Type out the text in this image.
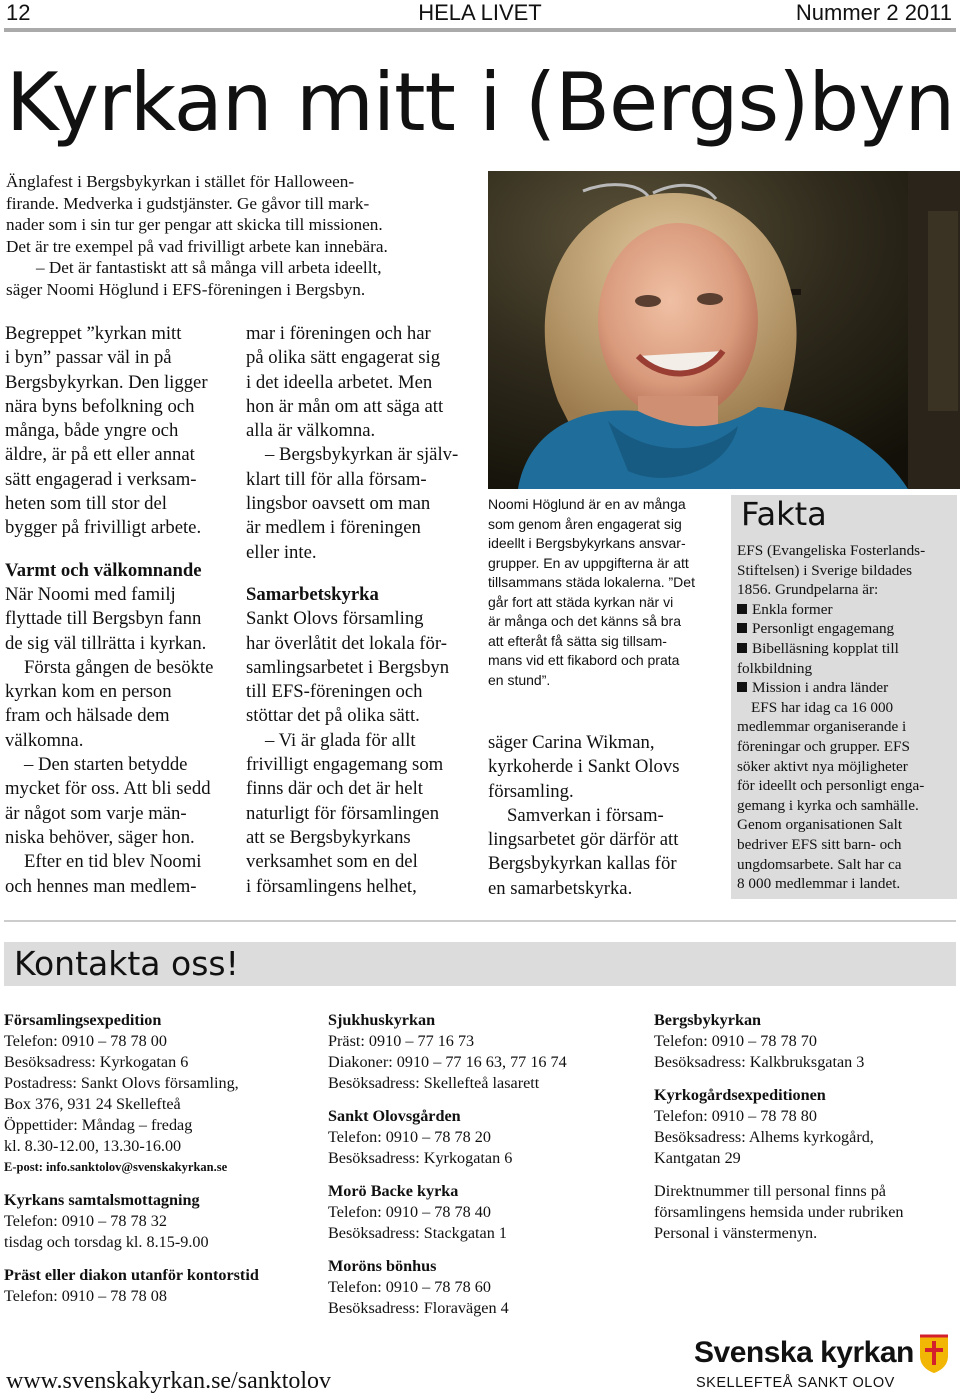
HELA LIVET
12	Nummer 2 2011
Kyrkan mitt i (Bergs)byn
Änglafest i Bergsbykyrkan i stället för Halloween-
firande. Medverka i gudstjänster. Ge gåvor till mark-
nader som i sin tur ger pengar att skicka till missionen.
Det är tre exempel på vad frivilligt arbete kan innebära.
– Det är fantastiskt att så många vill arbeta ideellt,
säger Noomi Höglund i EFS-föreningen i Bergsbyn.

Begreppet ”kyrkan mitt

i byn” passar väl in på

Bergsbykyrkan. Den ligger

nära byns befolkning och

många, både yngre och

äldre, är på ett eller annat

sätt engagerad i verksam-

heten som till stor del

bygger på frivilligt arbete.

Varmt och välkomnande

När Noomi med familj

flyttade till Bergsbyn fann

de sig väl tillrätta i kyrkan.

Första gången de besökte

kyrkan kom en person

fram och hälsade dem

välkomna.

– Den starten betydde

mycket för oss. Att bli sedd

är något som varje män-

niska behöver, säger hon.

Efter en tid blev Noomi

och hennes man medlem-

mar i föreningen och har

på olika sätt engagerat sig

i det ideella arbetet. Men

hon är mån om att säga att

alla är välkomna.

– Bergsbykyrkan är själv-

klart till för alla försam-

lingsbor oavsett om man

är medlem i föreningen

eller inte.

Samarbetskyrka

Sankt Olovs församling

har överlåtit det lokala för-

samlingsarbetet i Bergsbyn

till EFS-föreningen och

stöttar det på olika sätt.

– Vi är glada för allt

frivilligt engagemang som

finns där och det är helt

naturligt för församlingen

att se Bergsbykyrkans

verksamhet som en del

i församlingens helhet,

Noomi Höglund är en av många
som genom åren engagerat sig
ideellt i Bergsbykyrkans ansvar-
grupper. En av uppgifterna är att
tillsammans städa lokalerna. ”Det
går fort att städa kyrkan när vi
är många och det känns så bra
att efteråt få sätta sig tillsam-
mans vid ett fikabord och prata
en stund”.

säger Carina Wikman,

kyrkoherde i Sankt Olovs

församling.

Samverkan i försam-

lingsarbetet gör därför att

Bergsbykyrkan kallas för

en samarbetskyrka.

Fakta
EFS (Evangeliska Fosterlands-
Stiftelsen) i Sverige bildades
1856. Grundpelarna är:
Enkla former
Personligt engagemang
Bibelläsning kopplat till
folkbildning
Mission i andra länder
EFS har idag ca 16 000
medlemmar organiserande i
föreningar och grupper. EFS
söker aktivt nya möjligheter
för ideellt och personligt enga-
gemang i kyrka och samhälle.
Genom organisationen Salt
bedriver EFS sitt barn- och
ungdomsarbete. Salt har ca
8 000 medlemmar i landet.
Kontakta oss!

Församlingsexpedition

Telefon: 0910 – 78 78 00

Besöksadress: Kyrkogatan 6

Postadress: Sankt Olovs församling,

Box 376, 931 24 Skellefteå

Öppettider: Måndag – fredag

kl. 8.30-12.00, 13.30-16.00

E-post: info.sanktolov@svenskakyrkan.se

Kyrkans samtalsmottagning

Telefon: 0910 – 78 78 32

tisdag och torsdag kl. 8.15-9.00

Präst eller diakon utanför kontorstid

Telefon: 0910 – 78 78 08

Sjukhuskyrkan

Präst: 0910 – 77 16 73

Diakoner: 0910 – 77 16 63, 77 16 74

Besöksadress: Skellefteå lasarett

Sankt Olovsgården

Telefon: 0910 – 78 78 20

Besöksadress: Kyrkogatan 6

Morö Backe kyrka

Telefon: 0910 – 78 78 40

Besöksadress: Stackgatan 1

Moröns bönhus

Telefon: 0910 – 78 78 60

Besöksadress: Floravägen 4

Bergsbykyrkan

Telefon: 0910 – 78 78 70

Besöksadress: Kalkbruksgatan 3

Kyrkogårdsexpeditionen

Telefon: 0910 – 78 78 80

Besöksadress: Alhems kyrkogård,

Kantgatan 29

Direktnummer till personal finns på

församlingens hemsida under rubriken

Personal i vänstermenyn.

www.svenskakyrkan.se/sanktolov
Svenska kyrkan
SKELLEFTEÅ SANKT OLOV
